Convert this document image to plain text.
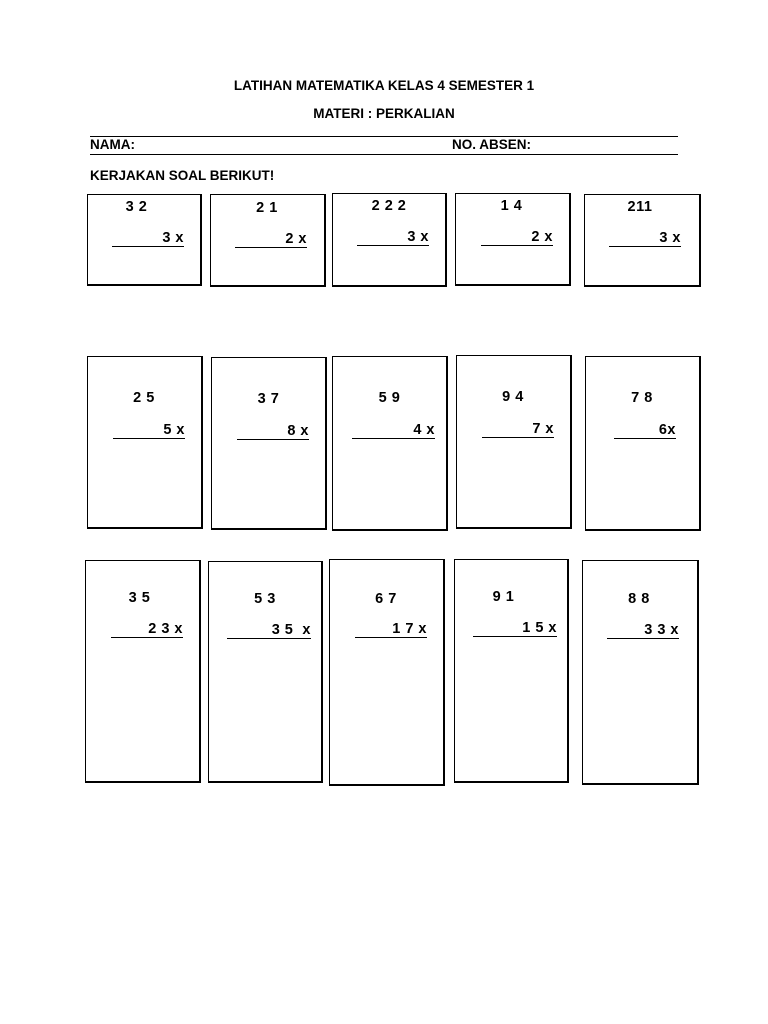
LATIHAN MATEMATIKA KELAS 4 SEMESTER 1
MATERI : PERKALIAN
NAMA:	NO. ABSEN:
KERJAKAN SOAL BERIKUT!
3 2
3 x
2 1
2 x
2 2 2
3 x
1 4
2 x
211
3 x
2 5
5 x
3 7
8 x
5 9
4 x
9 4
7 x
7 8
6x
3 5
2 3 x
5 3
3 5  x
6 7
1 7 x
9 1
1 5 x
8 8
3 3 x
